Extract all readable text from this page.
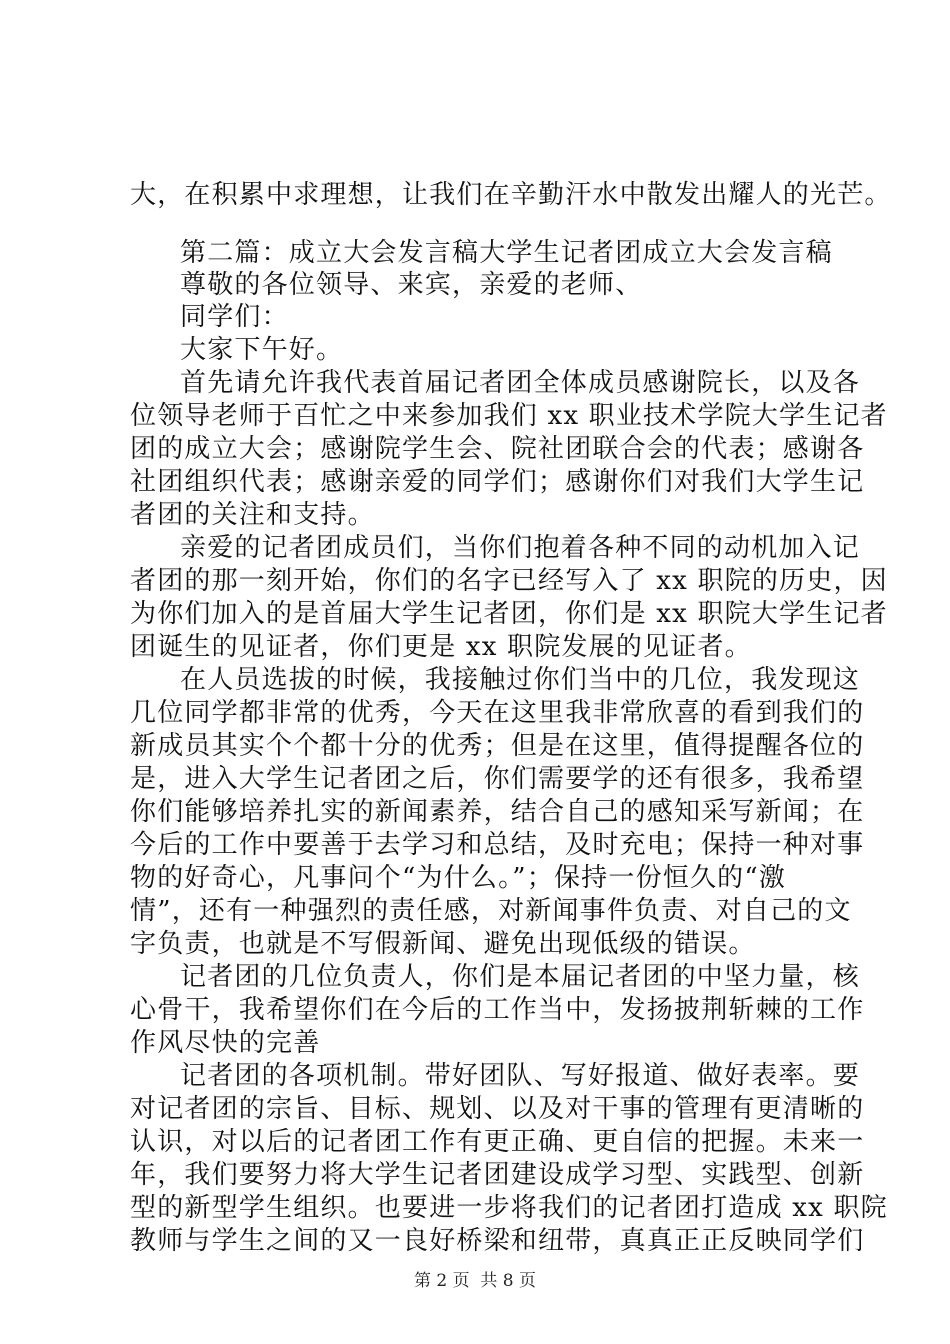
大，在积累中求理想，让我们在辛勤汗水中散发出耀人的光芒。
第二篇：成立大会发言稿大学生记者团成立大会发言稿
尊敬的各位领导、来宾，亲爱的老师、
同学们：
大家下午好。
首先请允许我代表首届记者团全体成员感谢院长，以及各
位领导老师于百忙之中来参加我们 xx 职业技术学院大学生记者
团的成立大会；感谢院学生会、院社团联合会的代表；感谢各
社团组织代表；感谢亲爱的同学们；感谢你们对我们大学生记
者团的关注和支持。
亲爱的记者团成员们，当你们抱着各种不同的动机加入记
者团的那一刻开始，你们的名字已经写入了 xx 职院的历史，因
为你们加入的是首届大学生记者团，你们是 xx 职院大学生记者
团诞生的见证者，你们更是 xx 职院发展的见证者。
在人员选拔的时候，我接触过你们当中的几位，我发现这
几位同学都非常的优秀，今天在这里我非常欣喜的看到我们的
新成员其实个个都十分的优秀；但是在这里，值得提醒各位的
是，进入大学生记者团之后，你们需要学的还有很多，我希望
你们能够培养扎实的新闻素养，结合自己的感知采写新闻；在
今后的工作中要善于去学习和总结，及时充电；保持一种对事
物的好奇心，凡事问个“为什么。”；保持一份恒久的“激
情”，还有一种强烈的责任感，对新闻事件负责、对自己的文
字负责，也就是不写假新闻、避免出现低级的错误。
记者团的几位负责人，你们是本届记者团的中坚力量，核
心骨干，我希望你们在今后的工作当中，发扬披荆斩棘的工作
作风尽快的完善
记者团的各项机制。带好团队、写好报道、做好表率。要
对记者团的宗旨、目标、规划、以及对干事的管理有更清晰的
认识，对以后的记者团工作有更正确、更自信的把握。未来一
年，我们要努力将大学生记者团建设成学习型、实践型、创新
型的新型学生组织。也要进一步将我们的记者团打造成 xx 职院
教师与学生之间的又一良好桥梁和纽带，真真正正反映同学们
第 2 页  共 8 页
